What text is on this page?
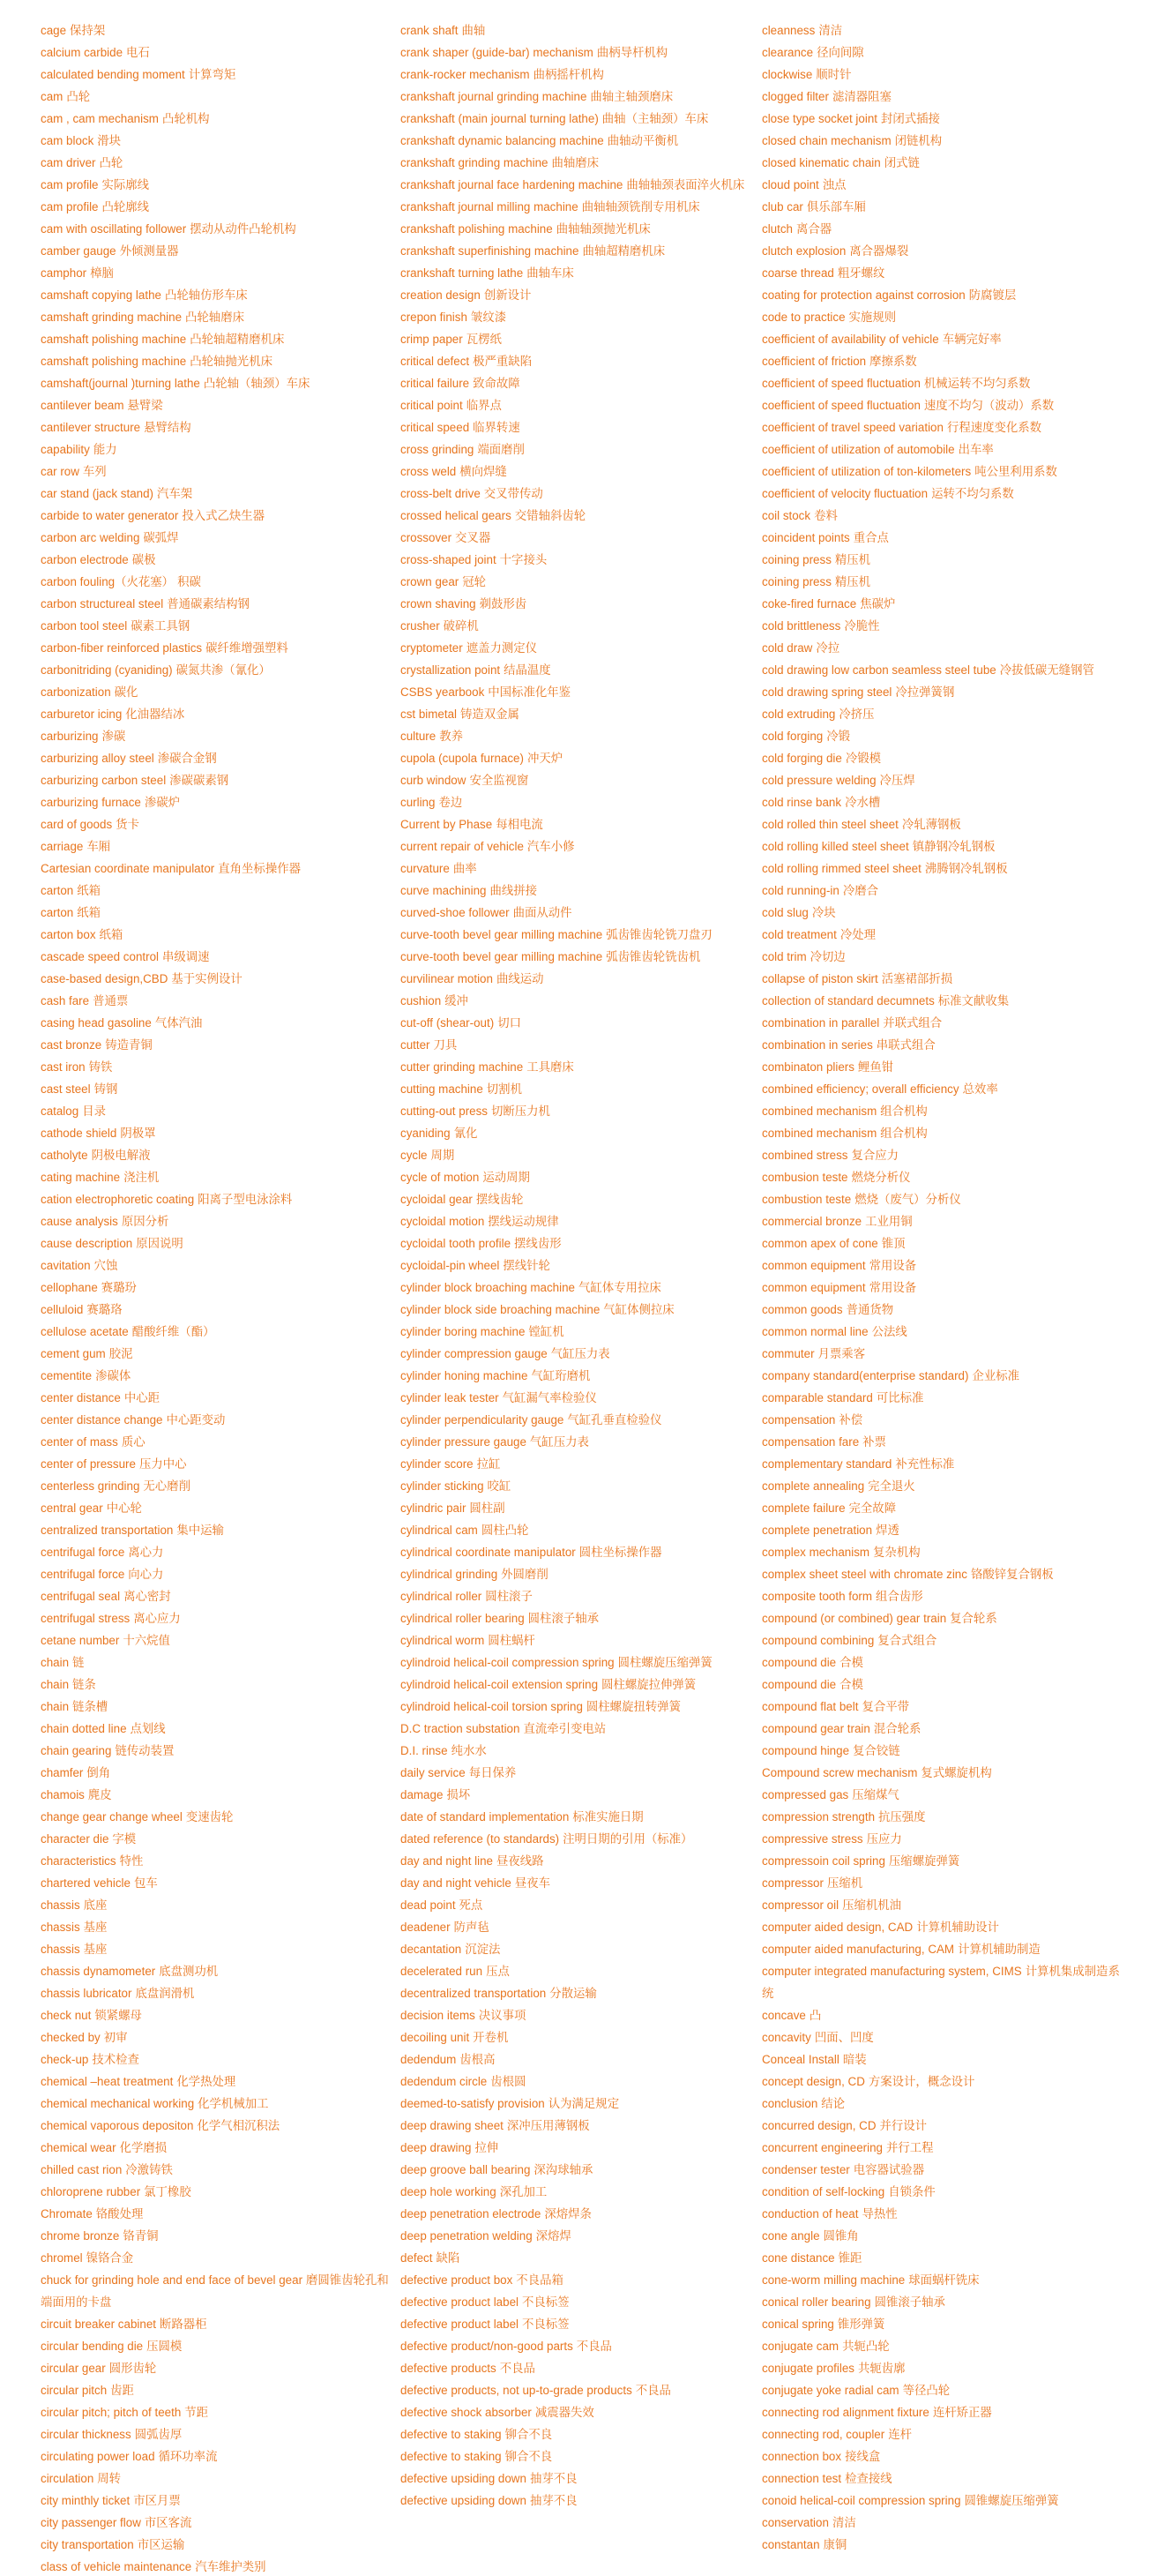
cage 保持架
calcium carbide 电石
calculated bending moment 计算弯矩
cam 凸轮
cam , cam mechanism 凸轮机构
cam block 滑块
cam driver 凸轮
cam profile 实际廓线
cam profile 凸轮廓线
cam with oscillating follower 摆动从动件凸轮机构
camber gauge 外倾测量器
camphor 樟脑
camshaft copying lathe 凸轮轴仿形车床
camshaft grinding machine 凸轮轴磨床
camshaft polishing machine 凸轮轴超精磨机床
camshaft polishing machine 凸轮轴抛光机床
camshaft(journal )turning lathe 凸轮轴（轴颈）车床
cantilever beam 悬臂梁
cantilever structure 悬臂结构
capability 能力
car row 车列
car stand (jack stand) 汽车架
carbide to water generator 投入式乙炔生器
carbon arc welding 碳弧焊
carbon electrode 碳极
carbon fouling（火花塞） 积碳
carbon structureal steel 普通碳素结构钢
carbon tool steel 碳素工具钢
carbon-fiber reinforced plastics 碳纤维增强塑料
carbonitriding (cyaniding) 碳氮共渗（氰化）
carbonization 碳化
carburetor icing 化油器结冰
carburizing 渗碳
carburizing alloy steel 渗碳合金钢
carburizing carbon steel 渗碳碳素钢
carburizing furnace 渗碳炉
card of goods 货卡
carriage 车厢
Cartesian coordinate manipulator 直角坐标操作器
carton 纸箱
carton 纸箱
carton box 纸箱
cascade speed control 串级调速
case-based design,CBD 基于实例设计
cash fare 普通票
casing head gasoline 气体汽油
cast bronze 铸造青铜
cast iron 铸铁
cast steel 铸钢
catalog 目录
cathode shield 阴极罩
catholyte 阴极电解液
cating machine 浇注机
cation electrophoretic coating 阳离子型电泳涂料
cause analysis 原因分析
cause description 原因说明
cavitation 穴蚀
cellophane 赛璐玢
celluloid 赛璐珞
cellulose acetate 醋酸纤维（酯）
cement gum 胶泥
cementite 渗碳体
center distance 中心距
center distance change 中心距变动
center of mass 质心
center of pressure 压力中心
centerless grinding 无心磨削
central gear 中心轮
centralized transportation 集中运输
centrifugal force 离心力
centrifugal force 向心力
centrifugal seal 离心密封
centrifugal stress 离心应力
cetane number 十六烷值
chain 链
chain 链条
chain 链条槽
chain dotted line 点划线
chain gearing 链传动装置
chamfer 倒角
chamois 麂皮
change gear change wheel 变速齿轮
character die 字模
characteristics 特性
chartered vehicle 包车
chassis 底座
chassis 基座
chassis 基座
chassis dynamometer 底盘测功机
chassis lubricator 底盘润滑机
check nut 锁紧螺母
checked by 初审
check-up 技术检查
chemical –heat treatment 化学热处理
chemical mechanical working 化学机械加工
chemical vaporous depositon 化学气相沉积法
chemical wear 化学磨损
chilled cast rion 冷激铸铁
chloroprene rubber 氯丁橡胶
Chromate 铬酸处理
chrome bronze 铬青铜
chromel 镍铬合金
chuck for grinding hole and end face of bevel gear 磨圆锥齿轮孔和端面用的卡盘
circuit breaker cabinet 断路器柜
circular bending die 压圆模
circular gear 圆形齿轮
circular pitch 齿距
circular pitch; pitch of teeth 节距
circular thickness 圆弧齿厚
circulating power load 循环功率流
circulation 周转
city minthly ticket 市区月票
city passenger flow 市区客流
city transportation 市区运输
class of vehicle maintenance 汽车维护类别
crank shaft 曲轴
crank shaper (guide-bar) mechanism 曲柄导杆机构
crank-rocker mechanism 曲柄摇杆机构
crankshaft journal grinding machine 曲轴主轴颈磨床
crankshaft (main journal turning lathe) 曲轴（主轴颈）车床
crankshaft dynamic balancing machine 曲轴动平衡机
crankshaft grinding machine 曲轴磨床
crankshaft journal face hardening machine 曲轴轴颈表面淬火机床
crankshaft journal milling machine 曲轴轴颈铣削专用机床
crankshaft polishing machine 曲轴轴颈抛光机床
crankshaft superfinishing machine 曲轴超精磨机床
crankshaft turning lathe 曲轴车床
creation design 创新设计
crepon finish 皱纹漆
crimp paper 瓦楞纸
critical defect 极严重缺陷
critical failure 致命故障
critical point 临界点
critical speed 临界转速
cross grinding 端面磨削
cross weld 横向焊缝
cross-belt drive 交叉带传动
crossed helical gears 交错轴斜齿轮
crossover 交叉器
cross-shaped joint 十字接头
crown gear 冠轮
crown shaving 剃鼓形齿
crusher 破碎机
cryptometer 遮盖力测定仪
crystallization point 结晶温度
CSBS yearbook 中国标准化年鉴
cst bimetal 铸造双金属
culture 教养
cupola (cupola furnace) 冲天炉
curb window 安全监视窗
curling 卷边
Current by Phase 每相电流
current repair of vehicle 汽车小修
curvature 曲率
curve machining 曲线拼接
curved-shoe follower 曲面从动件
curve-tooth bevel gear milling machine 弧齿锥齿轮铣刀盘刃
curve-tooth bevel gear milling machine 弧齿锥齿轮铣齿机
curvilinear motion 曲线运动
cushion 缓冲
cut-off (shear-out) 切口
cutter 刀具
cutter grinding machine 工具磨床
cutting machine 切割机
cutting-out press 切断压力机
cyaniding 氰化
cycle 周期
cycle of motion 运动周期
cycloidal gear 摆线齿轮
cycloidal motion 摆线运动规律
cycloidal tooth profile 摆线齿形
cycloidal-pin wheel 摆线针轮
cylinder block broaching machine 气缸体专用拉床
cylinder block side broaching machine 气缸体侧拉床
cylinder boring machine 镗缸机
cylinder compression gauge 气缸压力表
cylinder honing machine 气缸珩磨机
cylinder leak tester 气缸漏气率检验仪
cylinder perpendicularity gauge 气缸孔垂直检验仪
cylinder pressure gauge 气缸压力表
cylinder score 拉缸
cylinder sticking 咬缸
cylindric pair 圆柱副
cylindrical cam 圆柱凸轮
cylindrical coordinate manipulator 圆柱坐标操作器
cylindrical grinding 外圆磨削
cylindrical roller 圆柱滚子
cylindrical roller bearing 圆柱滚子轴承
cylindrical worm 圆柱蜗杆
cylindroid helical-coil compression spring 圆柱螺旋压缩弹簧
cylindroid helical-coil extension spring 圆柱螺旋拉伸弹簧
cylindroid helical-coil torsion spring 圆柱螺旋扭转弹簧
D.C traction substation 直流牵引变电站
D.I. rinse 纯水水
daily service 每日保养
damage 损坏
date of standard implementation 标准实施日期
dated reference (to standards) 注明日期的引用（标准）
day and night line 昼夜线路
day and night vehicle 昼夜车
dead point 死点
deadener 防声毡
decantation 沉淀法
decelerated run 压点
decentralized transportation 分散运输
decision items 决议事项
decoiling unit 开卷机
dedendum 齿根高
dedendum circle 齿根圆
deemed-to-satisfy provision 认为满足规定
deep drawing sheet 深冲压用薄钢板
deep drawing 拉伸
deep groove ball bearing 深沟球轴承
deep hole working 深孔加工
deep penetration electrode 深熔焊条
deep penetration welding 深熔焊
defect 缺陷
defective product box 不良品箱
defective product label 不良标签
defective product label 不良标签
defective product/non-good parts 不良品
defective products 不良品
defective products, not up-to-grade products 不良品
defective shock absorber 减震器失效
defective to staking 铆合不良
defective to staking 铆合不良
defective upsiding down 抽芽不良
defective upsiding down 抽芽不良
cleanness 清洁
clearance 径向间隙
clockwise 顺时针
clogged filter 滤清器阻塞
close type socket joint 封闭式插接
closed chain mechanism 闭链机构
closed kinematic chain 闭式链
cloud point 浊点
club car 俱乐部车厢
clutch 离合器
clutch explosion 离合器爆裂
coarse thread 粗牙螺纹
coating for protection against corrosion 防腐镀层
code to practice 实施规则
coefficient of availability of vehicle 车辆完好率
coefficient of friction 摩擦系数
coefficient of speed fluctuation 机械运转不均匀系数
coefficient of speed fluctuation 速度不均匀（波动）系数
coefficient of travel speed variation 行程速度变化系数
coefficient of utilization of automobile 出车率
coefficient of utilization of ton-kilometers 吨公里利用系数
coefficient of velocity fluctuation 运转不均匀系数
coil stock 卷料
coincident points 重合点
coining press 精压机
coining press 精压机
coke-fired furnace 焦碳炉
cold brittleness 冷脆性
cold draw 冷拉
cold drawing low carbon seamless steel tube 冷拔低碳无缝钢管
cold drawing spring steel 冷拉弹簧钢
cold extruding 冷挤压
cold forging 冷锻
cold forging die 冷锻模
cold pressure welding 冷压焊
cold rinse bank 冷水槽
cold rolled thin steel sheet 冷轧薄钢板
cold rolling killed steel sheet 镇静钢冷轧钢板
cold rolling rimmed steel sheet 沸腾钢冷轧钢板
cold running-in 冷磨合
cold slug 冷块
cold treatment 冷处理
cold trim 冷切边
collapse of piston skirt 活塞裙部折损
collection of standard decumnets 标准文献收集
combination in parallel 并联式组合
combination in series 串联式组合
combinaton pliers 鲤鱼钳
combined efficiency; overall efficiency 总效率
combined mechanism 组合机构
combined mechanism 组合机构
combined stress 复合应力
combusion teste 燃烧分析仪
combustion teste 燃烧（废气）分析仪
commercial bronze 工业用铜
common apex of cone 锥顶
common equipment 常用设备
common equipment 常用设备
common goods 普通货物
common normal line 公法线
commuter 月票乘客
company standard(enterprise standard) 企业标准
comparable standard 可比标准
compensation 补偿
compensation fare 补票
complementary standard 补充性标准
complete annealing 完全退火
complete failure 完全故障
complete penetration 焊透
complex mechanism 复杂机构
complex sheet steel with chromate zinc 铬酸锌复合钢板
composite tooth form 组合齿形
compound (or combined) gear train 复合轮系
compound combining 复合式组合
compound die 合模
compound die 合模
compound flat belt 复合平带
compound gear train 混合轮系
compound hinge 复合铰链
Compound screw mechanism 复式螺旋机构
compressed gas 压缩煤气
compression strength 抗压强度
compressive stress 压应力
compressoin coil spring 压缩螺旋弹簧
compressor 压缩机
compressor oil 压缩机机油
computer aided design, CAD 计算机辅助设计
computer aided manufacturing, CAM 计算机辅助制造
computer integrated manufacturing system, CIMS 计算机集成制造系统
concave 凸
concavity 凹面、凹度
Conceal Install 暗装
concept design, CD 方案设计，概念设计
conclusion 结论
concurred design, CD 并行设计
concurrent engineering 并行工程
condenser tester 电容器试验器
condition of self-locking 自锁条件
conduction of heat 导热性
cone angle 圆锥角
cone distance 锥距
cone-worm milling machine 球面蜗杆铣床
conical roller bearing 圆锥滚子轴承
conical spring 锥形弹簧
conjugate cam 共轭凸轮
conjugate profiles 共轭齿廓
conjugate yoke radial cam 等径凸轮
connecting rod alignment fixture 连杆矫正器
connecting rod, coupler 连杆
connection box 接线盒
connection test 检查接线
conoid helical-coil compression spring 圆锥螺旋压缩弹簧
conservation 清洁
constantan 康铜
